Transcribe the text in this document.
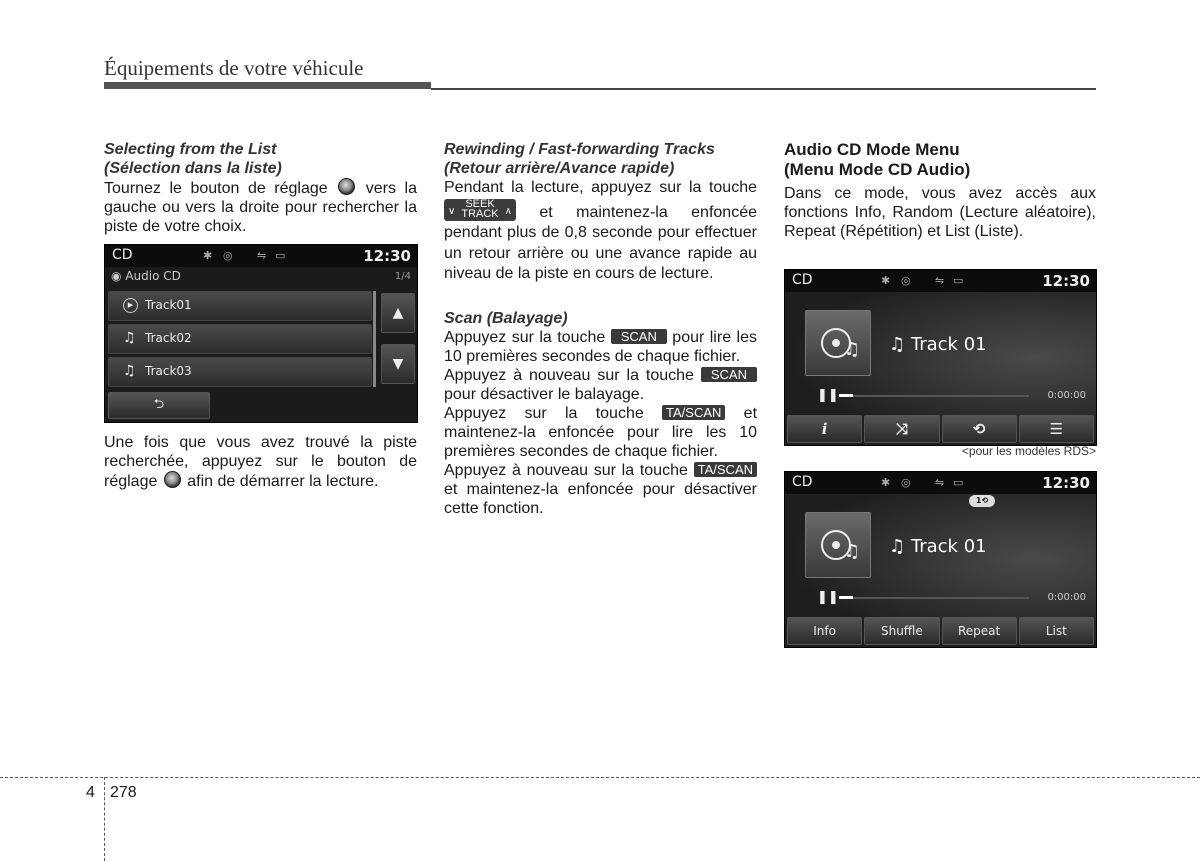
Équipements de votre véhicule

Selecting from the List

(Sélection dans la liste)

Tournez le bouton de réglage vers la gauche ou vers la droite pour rechercher la piste de votre choix.

Une fois que vous avez trouvé la piste recherchée, appuyez sur le bouton de réglage afin de démarrer la lecture.

CD	✱ ◎ ⇋ ▭	12:30
◉ Audio CD	1/4
▶ Track01
♫ Track02
♫ Track03
▲
▼
⮌

Rewinding / Fast-forwarding Tracks

(Retour arrière/Avance rapide)

Pendant la lecture, appuyez sur la touche
∨
SEEK
TRACK ∧ et maintenez-la enfoncée pendant plus de 0,8 seconde pour effectuer un retour arrière ou une avance rapide au niveau de la piste en cours de lecture.

Scan (Balayage)

Appuyez sur la touche SCAN pour lire les 10 premières secondes de chaque fichier.

Appuyez à nouveau sur la touche SCAN pour désactiver le balayage.

Appuyez sur la touche TA/SCAN et maintenez-la enfoncée pour lire les 10 premières secondes de chaque fichier.

Appuyez à nouveau sur la touche TA/SCAN et maintenez-la enfoncée pour désactiver cette fonction.

Audio CD Mode Menu

(Menu Mode CD Audio)

Dans ce mode, vous avez accès aux fonctions Info, Random (Lecture aléatoire), Repeat (Répétition) et List (Liste).

CD	✱ ◎ ⇋ ▭	12:30
♫ ♫ Track 01
❚❚	0:00:00
i	⤨	⟲	☰
<pour les modèles RDS>
CD	✱ ◎ ⇋ ▭	12:30
1⟲
♫ ♫ Track 01
❚❚	0:00:00
Info	Shuffle	Repeat	List
4 278
